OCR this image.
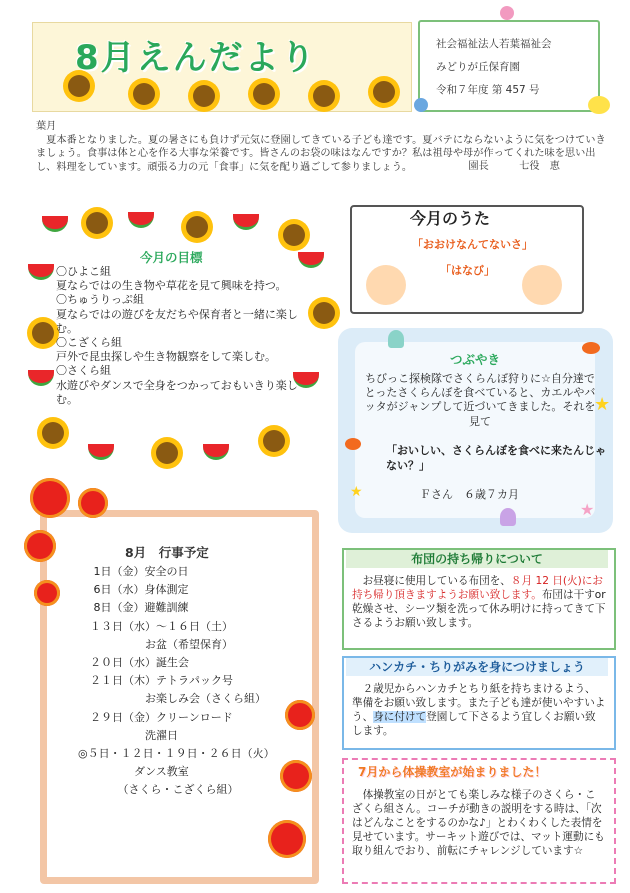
8月えんだより	社会福祉法人若葉福祉会
みどりが丘保育園
令和７年度 第 457 号
葉月
　夏本番となりました。夏の暑さにも負けず元気に登園してきている子ども達です。夏バテにならないように気をつけていきましょう。食事は体と心を作る大事な栄養です。皆さんのお袋の味はなんですか？私は祖母や母が作ってくれた味を思い出し、料理をしています。頑張る力の元「食事」に気を配り過ごして参りましょう。	園長　　　七役　恵
今月の目標
〇ひよこ組
夏ならではの生き物や草花を見て興味を持つ。
〇ちゅうりっぷ組
夏ならではの遊びを友だちや保育者と一緒に楽しむ。
〇こざくら組
戸外で昆虫探しや生き物観察をして楽しむ。
〇さくら組
水遊びやダンスで全身をつかっておもいきり楽しむ。
今月のうた
「おおけなんてないさ」
「はなび」
★
★
★
つぶやき
ちびっこ探検隊でさくらんぼ狩りに☆自分達でとったさくらんぼを食べていると、カエルやバッタがジャンプして近づいてきました。それを見て
「おいしい、さくらんぼを食べに来たんじゃない？」
Ｆさん　６歳７カ月
8月　行事予定
1日（金）安全の日
6日（水）身体測定
8日（金）避難訓練
１３日（水）～１６日（土）
　　　　　お盆（希望保育）
２０日（水）誕生会
２１日（木）テトラパック号
　　　　　お楽しみ会（さくら組）
２９日（金）クリーンロード
　　　　　洗濯日
◎５日・１２日・１９日・２６日（火）
　　　　ダンス教室
　　　（さくら・こざくら組）
布団の持ち帰りについて
　お昼寝に使用している布団を、８月 12 日(火)にお持ち帰り頂きますようお願い致します。布団は干すor乾燥させ、シーツ類を洗って休み明けに持ってきて下さるようお願い致します。
ハンカチ・ちりがみを身につけましょう
　２歳児からハンカチとちり紙を持ちまけるよう、準備をお願い致します。また子ども達が使いやすいよう、身に付けて登園して下さるよう宜しくお願い致します。
7月から体操教室が始まりました！
　体操教室の日がとても楽しみな様子のさくら・こざくら組さん。コーチが動きの説明をする時は、「次はどんなことをするのかな♪」とわくわくした表情を見せています。サーキット遊びでは、マット運動にも取り組んでおり、前転にチャレンジしています☆
